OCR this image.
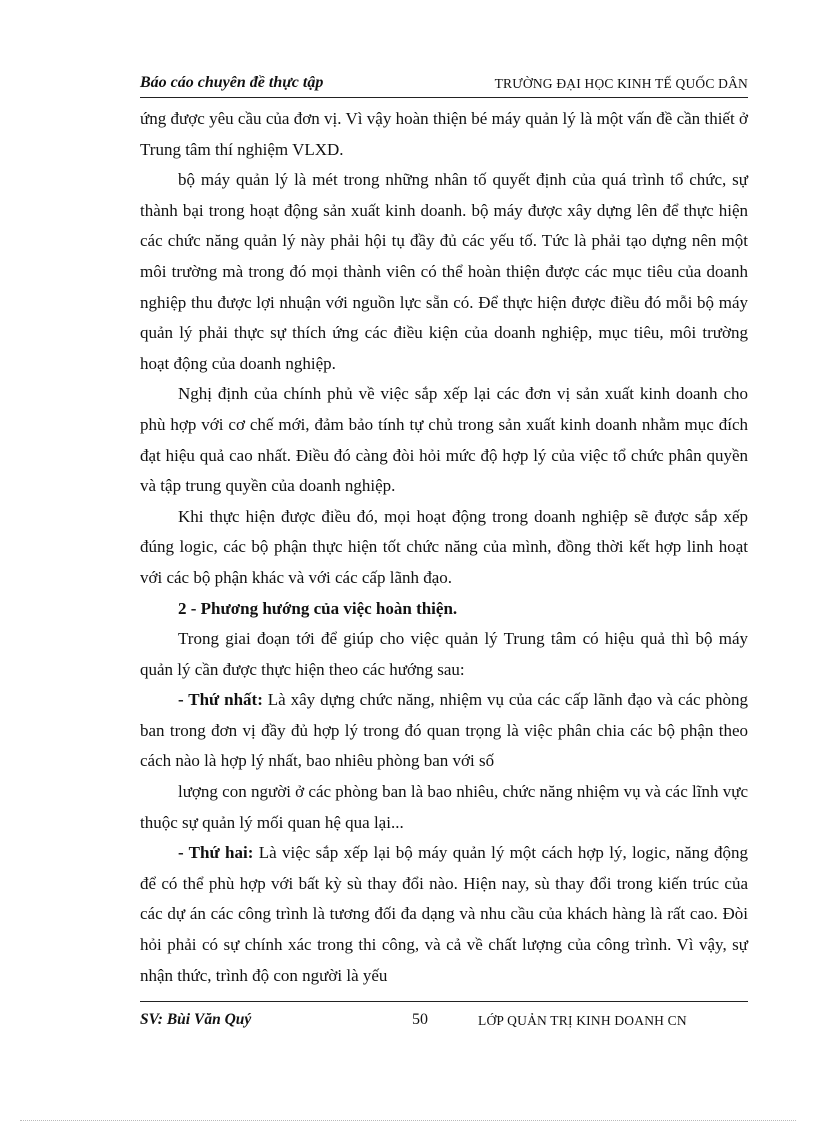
Báo cáo chuyên đề thực tập	TRƯỜNG ĐẠI HỌC KINH TẾ QUỐC DÂN

ứng được yêu cầu của đơn vị. Vì vậy hoàn thiện bé máy quản lý là một vấn đề cần thiết ở Trung tâm thí nghiệm VLXD.

bộ máy quản lý là mét trong những nhân tố quyết định của quá trình tổ chức, sự thành bại trong hoạt động sản xuất kinh doanh. bộ máy được xây dựng lên để thực hiện các chức năng quản lý này phải hội tụ đầy đủ các yếu tố. Tức là phải tạo dựng nên một môi trường mà trong đó mọi thành viên có thể hoàn thiện được các mục tiêu của doanh nghiệp thu được lợi nhuận với nguồn lực sẵn có. Để thực hiện được điều đó mỗi bộ máy quản lý phải thực sự thích ứng các điều kiện của doanh nghiệp, mục tiêu, môi trường hoạt động của doanh nghiệp.

Nghị định của chính phủ về việc sắp xếp lại các đơn vị sản xuất kinh doanh cho phù hợp với cơ chế mới, đảm bảo tính tự chủ trong sản xuất kinh doanh nhằm mục đích đạt hiệu quả cao nhất. Điều đó càng đòi hỏi mức độ hợp lý của việc tổ chức phân quyền và tập trung quyền của doanh nghiệp.

Khi thực hiện được điều đó, mọi hoạt động trong doanh nghiệp sẽ được sắp xếp đúng logic, các bộ phận thực hiện tốt chức năng của mình, đồng thời kết hợp linh hoạt với các bộ phận khác và với các cấp lãnh đạo.

2 - Phương hướng của việc hoàn thiện.

Trong giai đoạn tới để giúp cho việc quản lý Trung tâm có hiệu quả thì bộ máy quản lý cần được thực hiện theo các hướng sau:

- Thứ nhất: Là xây dựng chức năng, nhiệm vụ của các cấp lãnh đạo và các phòng ban trong đơn vị đầy đủ hợp lý trong đó quan trọng là việc phân chia các bộ phận theo cách nào là hợp lý nhất, bao nhiêu phòng ban với số

lượng con người ở các phòng ban là bao nhiêu, chức năng nhiệm vụ và các lĩnh vực thuộc sự quản lý mối quan hệ qua lại...

- Thứ hai: Là việc sắp xếp lại bộ máy quản lý một cách hợp lý, logic, năng động để có thể phù hợp với bất kỳ sù thay đổi nào. Hiện nay, sù thay đổi trong kiến trúc của các dự án các công trình là tương đối đa dạng và nhu cầu của khách hàng là rất cao. Đòi hỏi phải có sự chính xác trong thi công, và cả về chất lượng của công trình. Vì vậy, sự nhận thức, trình độ con người là yếu

SV: Bùi Văn Quý	50	LỚP QUẢN TRỊ KINH DOANH CN
